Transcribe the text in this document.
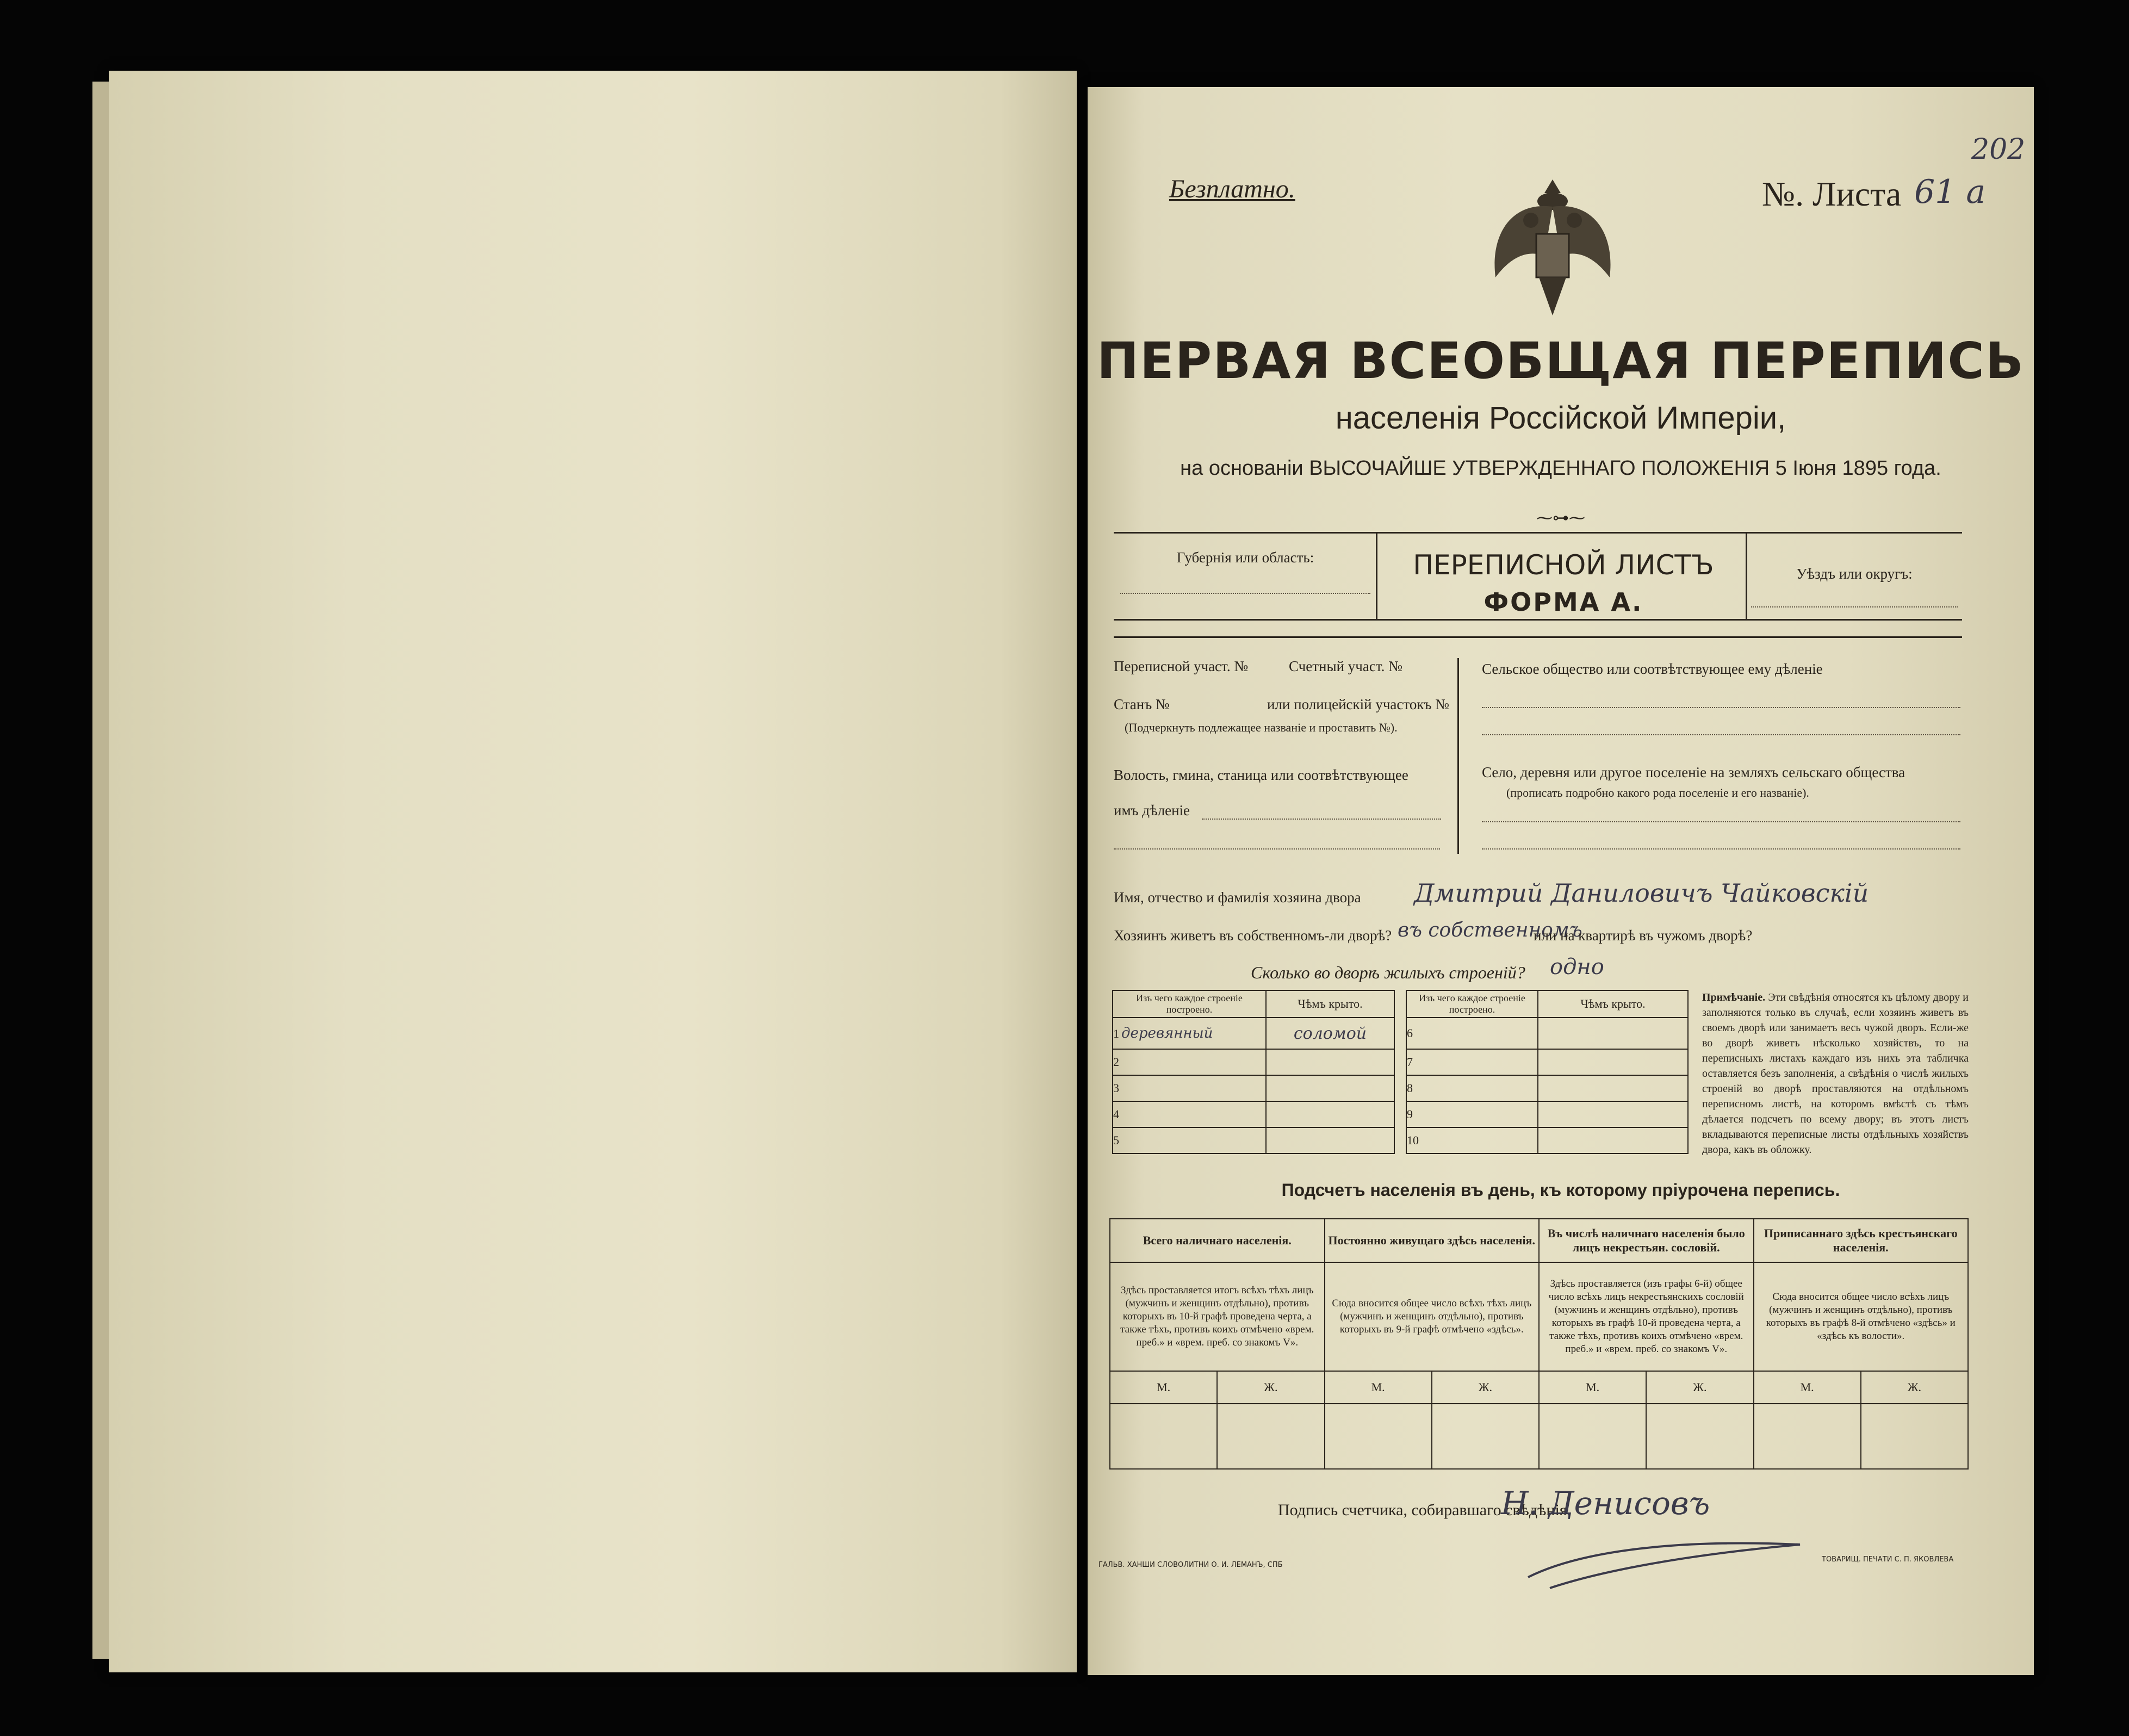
202
Безплатно.	№. Листа 61 а
ПЕРВАЯ ВСЕОБЩАЯ ПЕРЕПИСЬ
населенія Россійской Имперіи,
на основаніи ВЫСОЧАЙШЕ УТВЕРЖДЕННАГО ПОЛОЖЕНІЯ 5 Іюня 1895 года.
⁓⊶⁓
Губернія или область:	ПЕРЕПИСНОЙ ЛИСТЪ
ФОРМА А.
Уѣздъ или округъ:
Переписной участ. №	Счетный участ. №
Станъ №	или полицейскій участокъ №
(Подчеркнуть подлежащее названіе и проставить №).
Волость, гмина, станица или соотвѣтствующее
имъ дѣленіе
Сельское общество или соотвѣтствующее ему дѣленіе
Село, деревня или другое поселеніе на земляхъ сельскаго общества
(прописать подробно какого рода поселеніе и его названіе).
Имя, отчество и фамилія хозяина двора Дмитрий Даниловичъ Чайковскій
Хозяинъ живетъ въ собственномъ-ли дворѣ? въ собственномъ
или на квартирѣ въ чужомъ дворѣ?
Сколько во дворѣ жилыхъ строеній? одно
Изъ чего каждое строеніе построено.	Чѣмъ крыто.
1 деревянный	соломой
2	
3	
4	
5	
Изъ чего каждое строеніе построено.	Чѣмъ крыто.
6	
7	
8	
9	
10	
Примѣчаніе. Эти свѣдѣнія относятся къ цѣлому двору и заполняются только въ случаѣ, если хозяинъ живетъ въ своемъ дворѣ или занимаетъ весь чужой дворъ. Если-же во дворѣ живетъ нѣсколько хозяйствъ, то на переписныхъ листахъ каждаго изъ нихъ эта табличка оставляется безъ заполненія, а свѣдѣнія о числѣ жилыхъ строеній во дворѣ проставляются на отдѣльномъ переписномъ листѣ, на которомъ вмѣстѣ съ тѣмъ дѣлается подсчетъ по всему двору; въ этотъ листъ вкладываются переписные листы отдѣльныхъ хозяйствъ двора, какъ въ обложку.
Подсчетъ населенія въ день, къ которому пріурочена перепись.
Всего наличнаго населенія.		Постоянно живущаго здѣсь населенія.		Въ числѣ наличнаго населенія было лицъ некрестьян. сословій.		Приписаннаго здѣсь крестьянскаго населенія.	
Здѣсь проставляется итогъ всѣхъ тѣхъ лицъ (мужчинъ и женщинъ отдѣльно), противъ которыхъ въ 10-й графѣ проведена черта, а также тѣхъ, противъ коихъ отмѣчено «врем. преб.» и «врем. преб. со знакомъ V».		Сюда вносится общее число всѣхъ тѣхъ лицъ (мужчинъ и женщинъ отдѣльно), противъ которыхъ въ 9-й графѣ отмѣчено «здѣсь».		Здѣсь проставляется (изъ графы 6-й) общее число всѣхъ лицъ некрестьянскихъ сословій (мужчинъ и женщинъ отдѣльно), противъ которыхъ въ графѣ 10-й проведена черта, а также тѣхъ, противъ коихъ отмѣчено «врем. преб.» и «врем. преб. со знакомъ V».		Сюда вносится общее число всѣхъ лицъ (мужчинъ и женщинъ отдѣльно), противъ которыхъ въ графѣ 8-й отмѣчено «здѣсь» и «здѣсь къ волости».	
М.	Ж.	М.	Ж.	М.	Ж.	М.	Ж.

Подпись счетчика, собиравшаго свѣдѣнія
Н. Денисовъ
ГАЛЬВ. ХАНШИ СЛОВОЛИТНИ О. И. ЛЕМАНЪ, СПБ
ТОВАРИЩ. ПЕЧАТИ С. П. ЯКОВЛЕВА
